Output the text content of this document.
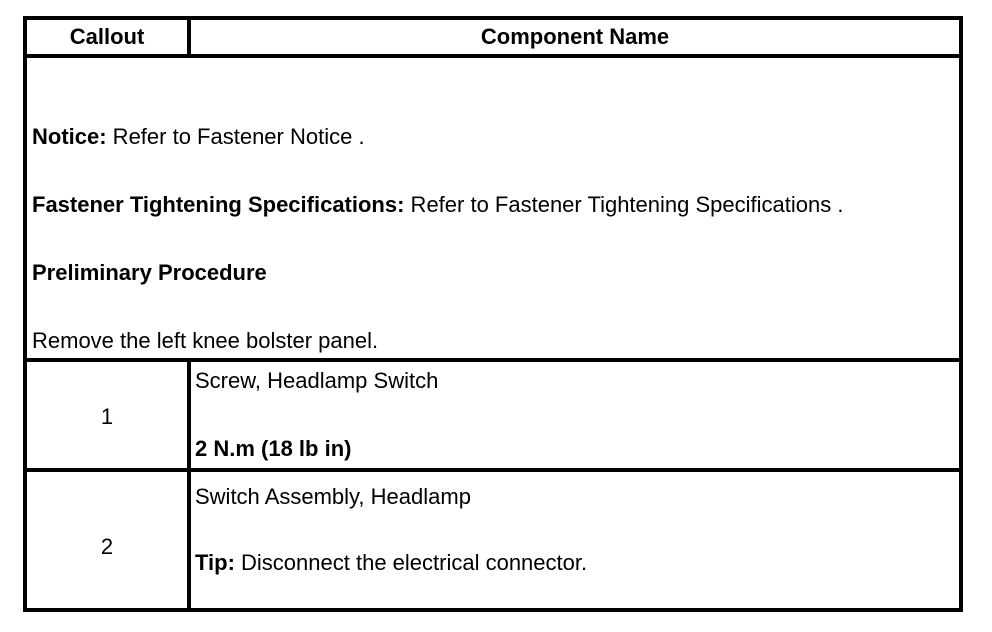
Callout	Component Name
Notice: Refer to Fastener Notice .
Fastener Tightening Specifications: Refer to Fastener Tightening Specifications .
Preliminary Procedure
Remove the left knee bolster panel.
1
Screw, Headlamp Switch
2 N.m (18 lb in)
2
Switch Assembly, Headlamp
Tip: Disconnect the electrical connector.
